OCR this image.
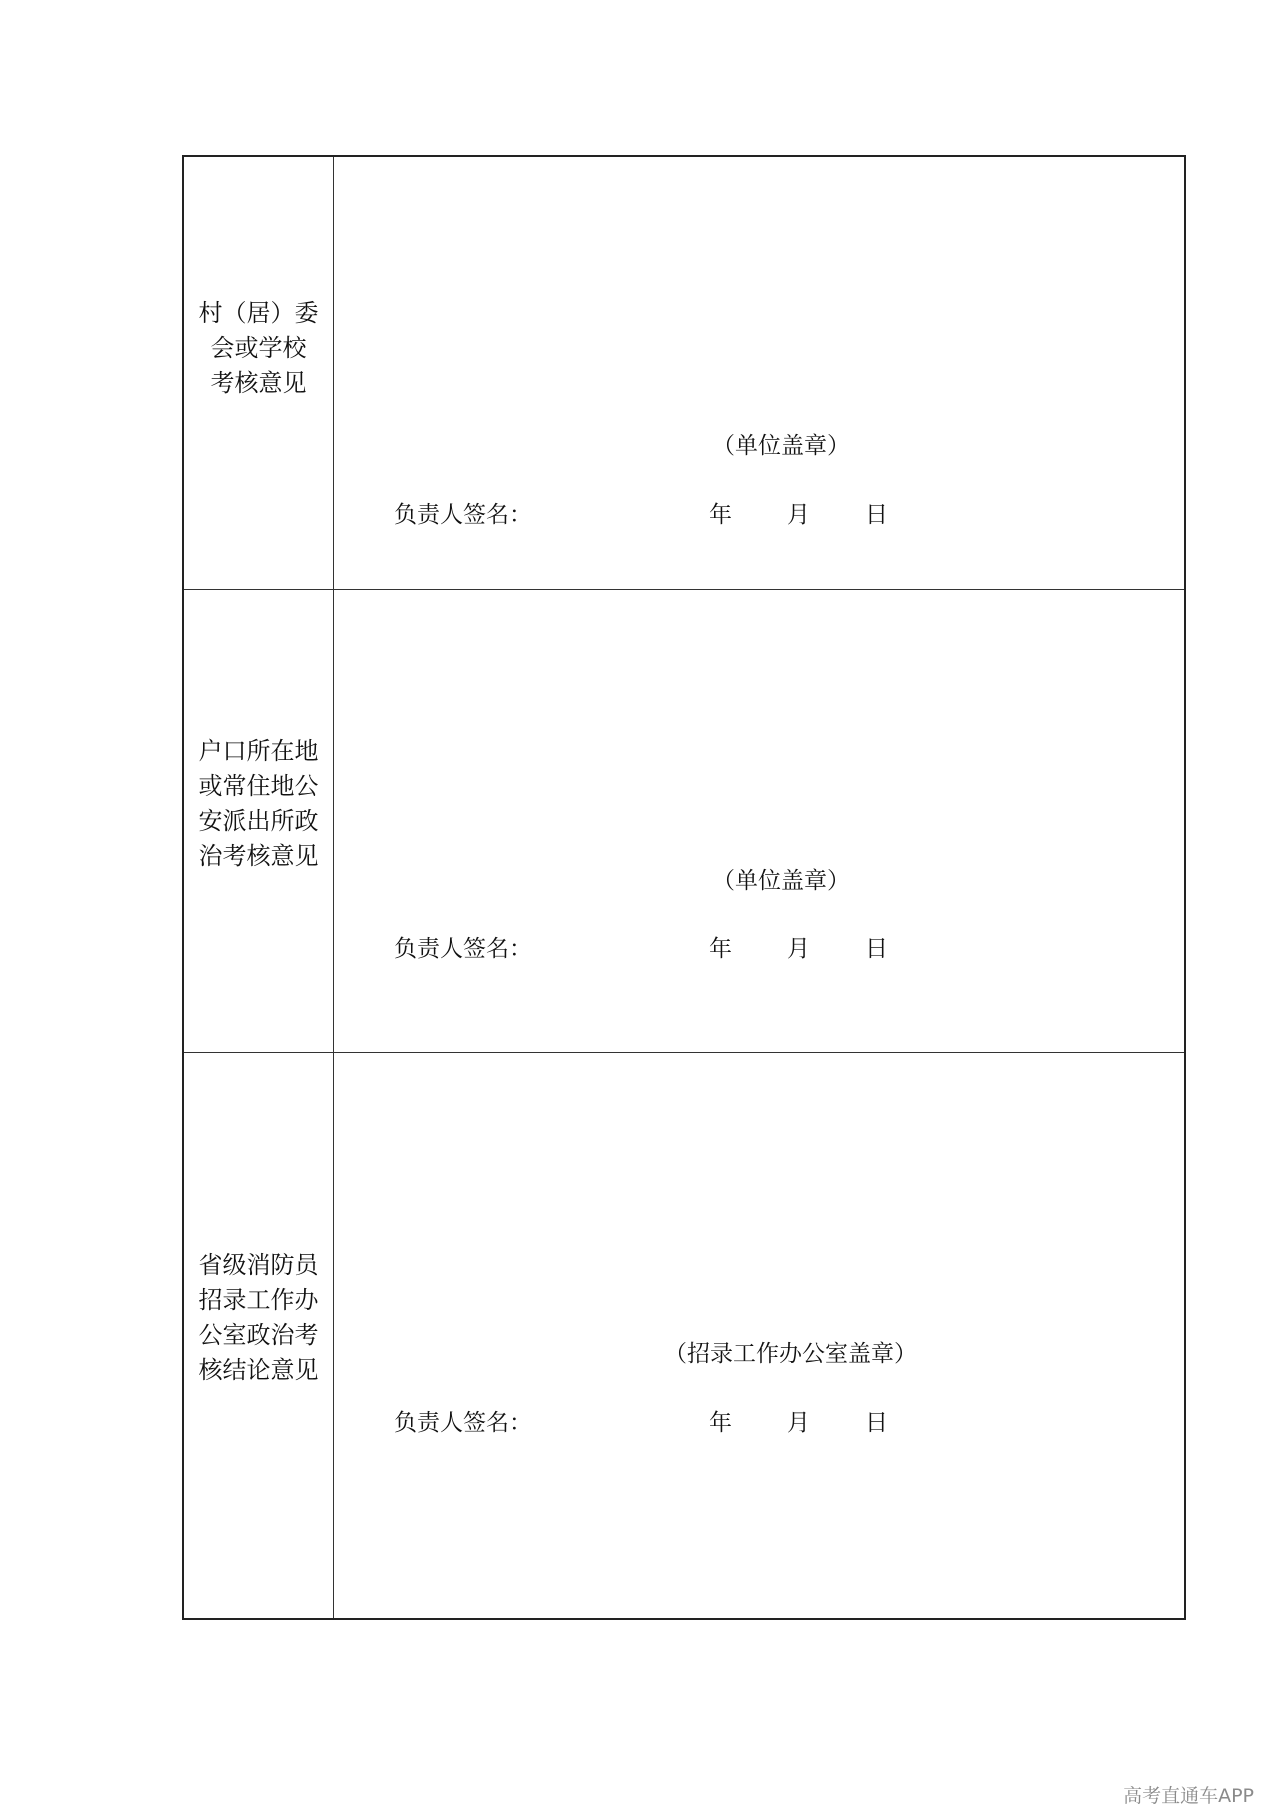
村（居）委
会或学校
考核意见
（单位盖章）
负责人签名：	年 月 日
户口所在地
或常住地公
安派出所政
治考核意见
（单位盖章）
负责人签名：	年 月 日
省级消防员
招录工作办
公室政治考
核结论意见
（招录工作办公室盖章）
负责人签名：	年 月 日
高考直通车APP
